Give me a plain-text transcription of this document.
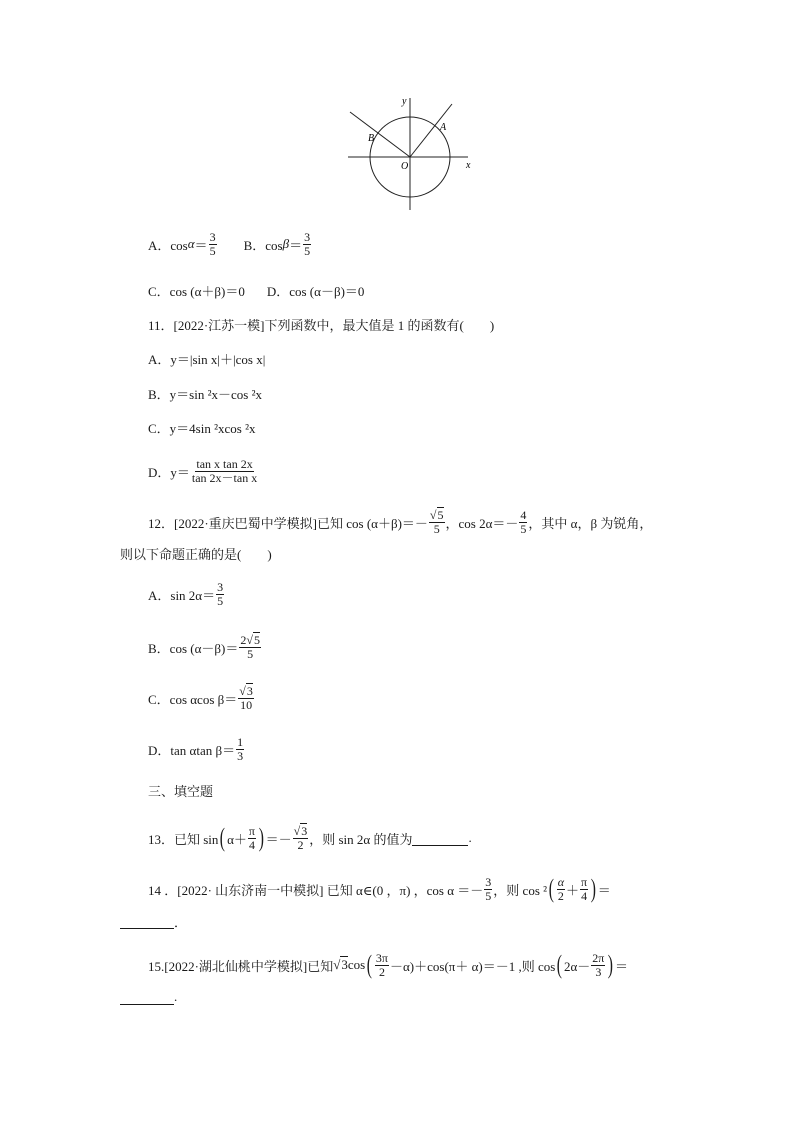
y
x
O
A
B
A．$\cos \alpha = \frac{3}{5}$ B．$\cos \beta = \frac{3}{5}$
C．cos (α＋β)＝0 D．cos (α－β)＝0
11．[2022·江苏一模]下列函数中，最大值是 1 的函数有(　　)
A．y＝|sin x|＋|cos x|
B．y＝sin ²x－cos ²x
C．y＝4sin ²xcos ²x
D．$y= \frac{\text{tan x tan 2x}}{\text{tan 2x－tan x}}$
12．[2022·重庆巴蜀中学模拟]已知 $\cos (\alpha+\beta)=- \frac{√5}{5}$ ，$\cos 2\alpha=- \frac{4}{5}$ ，其中 α，β 为锐角，
则以下命题正确的是(　　)
A．$\sin 2\alpha= \frac{3}{5}$
B．$\cos (\alpha-\beta)= \frac{2√5}{5}$
C．cos αcos $\beta= \frac{√3}{10}$
D．tan αtan $\beta= \frac{1}{3}$
三、填空题
13．已知 sin ( $\alpha+ \frac{\pi}{4}$ ) ＝－ $\frac{√3}{2}$ ，则 sin 2α 的值为	.
14 ．[2022· 山东济南一中模拟] 已知 α∈(0 ，π) ，$\cos \alpha =- \frac{3}{5}$ ，则 cos ² ( $\frac{\alpha}{2} + \frac{\pi}{4}$ ) ＝
．
15.[2022·湖北仙桃中学模拟]已知 √3 cos ( $\frac{3\pi}{2} -\alpha)+\cos(\pi+ \alpha)=-1$ ,则 cos ( $2\alpha- \frac{2\pi}{3}$ ) ＝
.
